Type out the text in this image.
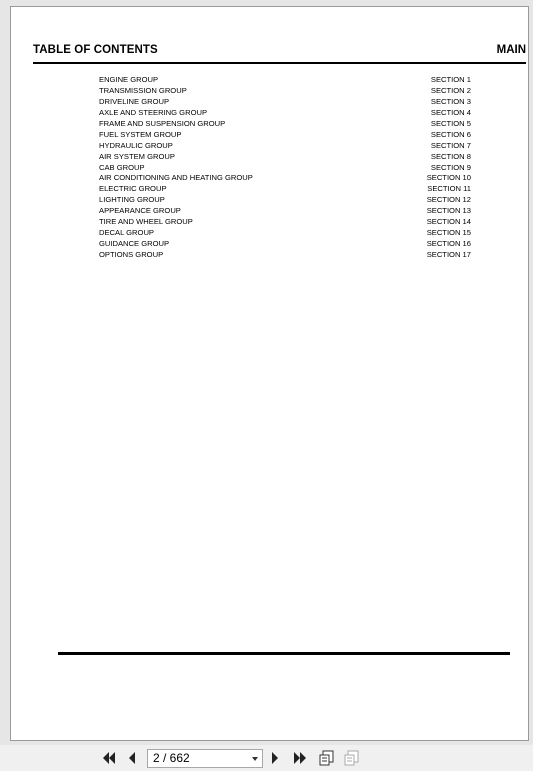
TABLE OF CONTENTS	MAIN
ENGINE GROUP	SECTION 1
TRANSMISSION GROUP	SECTION 2
DRIVELINE GROUP	SECTION 3
AXLE AND STEERING GROUP	SECTION 4
FRAME AND SUSPENSION GROUP	SECTION 5
FUEL SYSTEM GROUP	SECTION 6
HYDRAULIC GROUP	SECTION 7
AIR SYSTEM GROUP	SECTION 8
CAB GROUP	SECTION 9
AIR CONDITIONING AND HEATING GROUP	SECTION 10
ELECTRIC GROUP	SECTION 11
LIGHTING GROUP	SECTION 12
APPEARANCE GROUP	SECTION 13
TIRE AND WHEEL GROUP	SECTION 14
DECAL GROUP	SECTION 15
GUIDANCE GROUP	SECTION 16
OPTIONS GROUP	SECTION 17
2 / 662
